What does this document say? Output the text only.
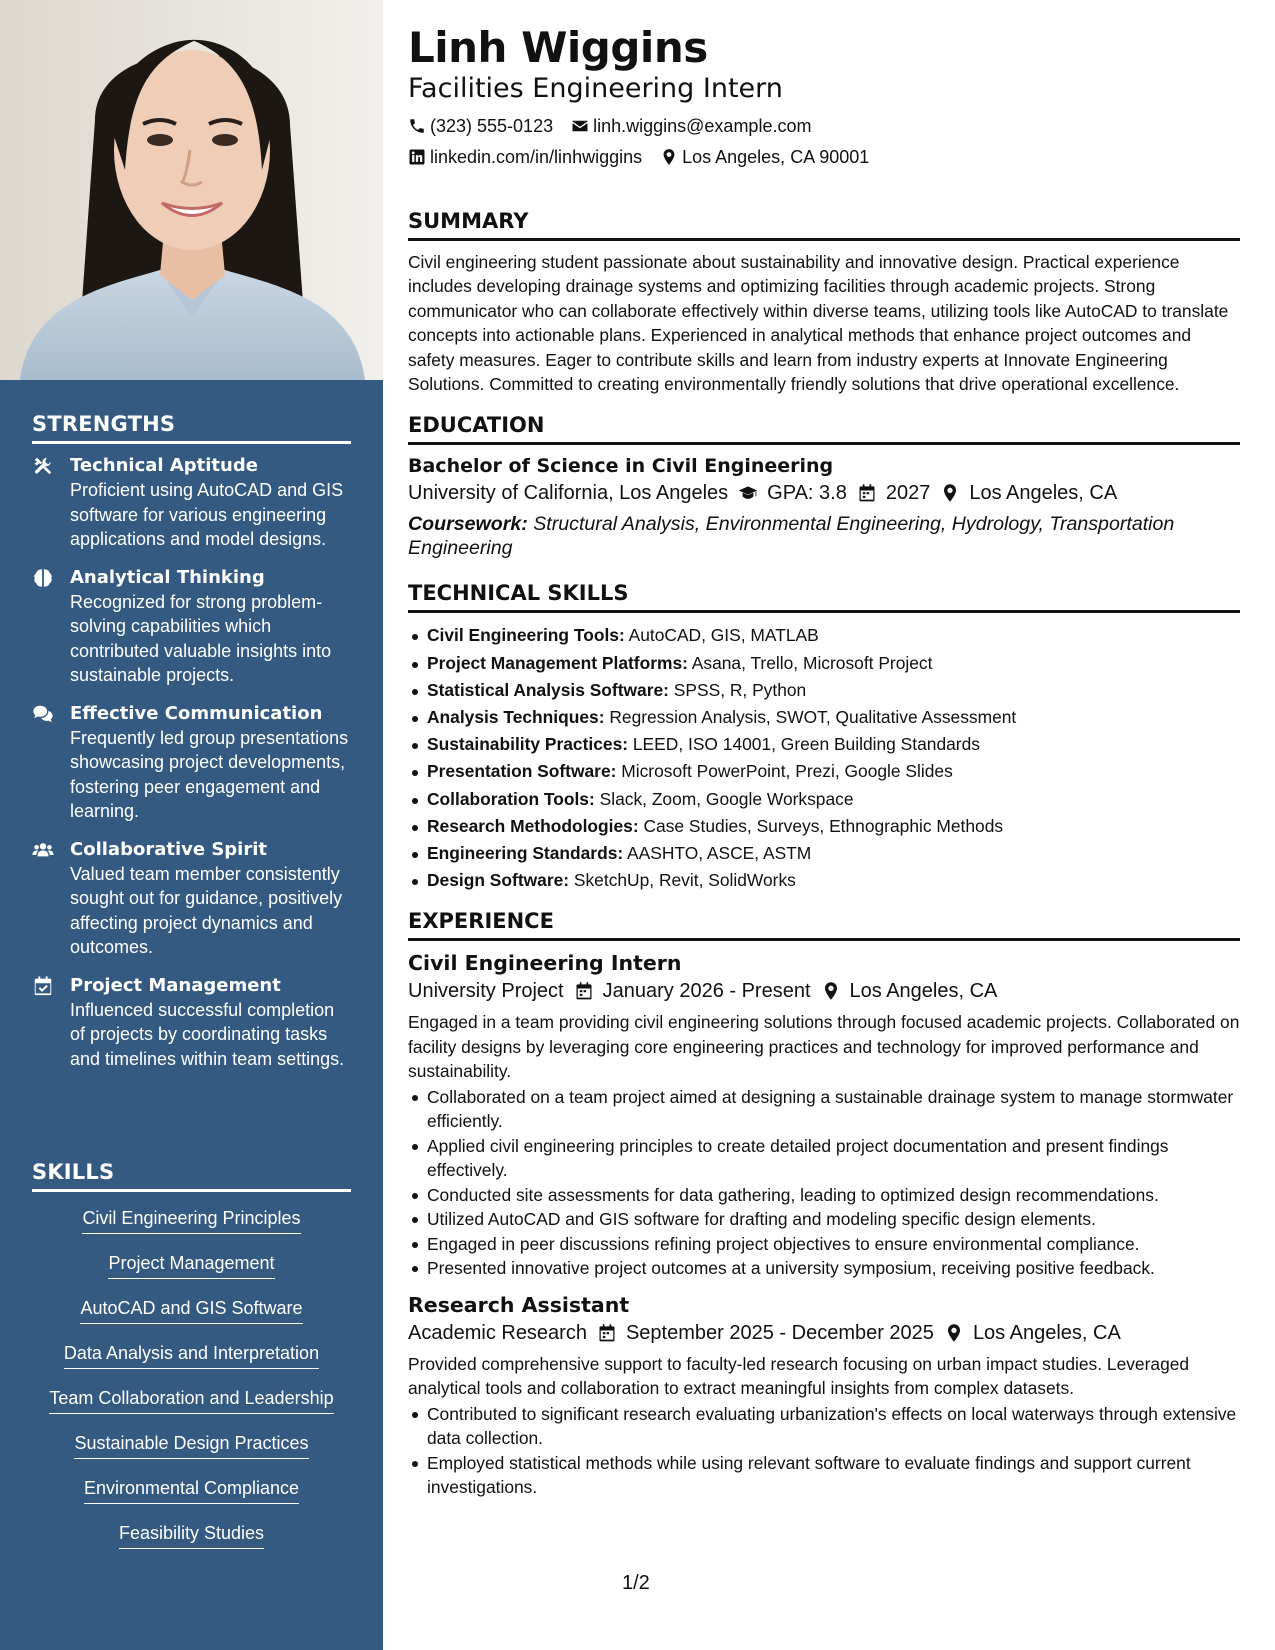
STRENGTHS
Technical Aptitude
Proficient using AutoCAD and GIS software for various engineering applications and model designs.
Analytical Thinking
Recognized for strong problem-solving capabilities which contributed valuable insights into sustainable projects.
Effective Communication
Frequently led group presentations showcasing project developments, fostering peer engagement and learning.
Collaborative Spirit
Valued team member consistently sought out for guidance, positively affecting project dynamics and outcomes.
Project Management
Influenced successful completion of projects by coordinating tasks and timelines within team settings.
SKILLS
Civil Engineering Principles
Project Management
AutoCAD and GIS Software
Data Analysis and Interpretation
Team Collaboration and Leadership
Sustainable Design Practices
Environmental Compliance
Feasibility Studies
Linh Wiggins
Facilities Engineering Intern
(323) 555-0123 linh.wiggins@example.com
linkedin.com/in/linhwiggins Los Angeles, CA 90001
SUMMARY
Civil engineering student passionate about sustainability and innovative design. Practical experience includes developing drainage systems and optimizing facilities through academic projects. Strong communicator who can collaborate effectively within diverse teams, utilizing tools like AutoCAD to translate concepts into actionable plans. Experienced in analytical methods that enhance project outcomes and safety measures. Eager to contribute skills and learn from industry experts at Innovate Engineering Solutions. Committed to creating environmentally friendly solutions that drive operational excellence.
EDUCATION
Bachelor of Science in Civil Engineering
University of California, Los Angeles GPA: 3.8 2027 Los Angeles, CA
Coursework: Structural Analysis, Environmental Engineering, Hydrology, Transportation Engineering
TECHNICAL SKILLS
Civil Engineering Tools: AutoCAD, GIS, MATLAB
Project Management Platforms: Asana, Trello, Microsoft Project
Statistical Analysis Software: SPSS, R, Python
Analysis Techniques: Regression Analysis, SWOT, Qualitative Assessment
Sustainability Practices: LEED, ISO 14001, Green Building Standards
Presentation Software: Microsoft PowerPoint, Prezi, Google Slides
Collaboration Tools: Slack, Zoom, Google Workspace
Research Methodologies: Case Studies, Surveys, Ethnographic Methods
Engineering Standards: AASHTO, ASCE, ASTM
Design Software: SketchUp, Revit, SolidWorks
EXPERIENCE
Civil Engineering Intern
University Project January 2026 - Present Los Angeles, CA
Engaged in a team providing civil engineering solutions through focused academic projects. Collaborated on facility designs by leveraging core engineering practices and technology for improved performance and sustainability.
Collaborated on a team project aimed at designing a sustainable drainage system to manage stormwater efficiently.
Applied civil engineering principles to create detailed project documentation and present findings effectively.
Conducted site assessments for data gathering, leading to optimized design recommendations.
Utilized AutoCAD and GIS software for drafting and modeling specific design elements.
Engaged in peer discussions refining project objectives to ensure environmental compliance.
Presented innovative project outcomes at a university symposium, receiving positive feedback.
Research Assistant
Academic Research September 2025 - December 2025 Los Angeles, CA
Provided comprehensive support to faculty-led research focusing on urban impact studies. Leveraged analytical tools and collaboration to extract meaningful insights from complex datasets.
Contributed to significant research evaluating urbanization's effects on local waterways through extensive data collection.
Employed statistical methods while using relevant software to evaluate findings and support current investigations.
1/2
